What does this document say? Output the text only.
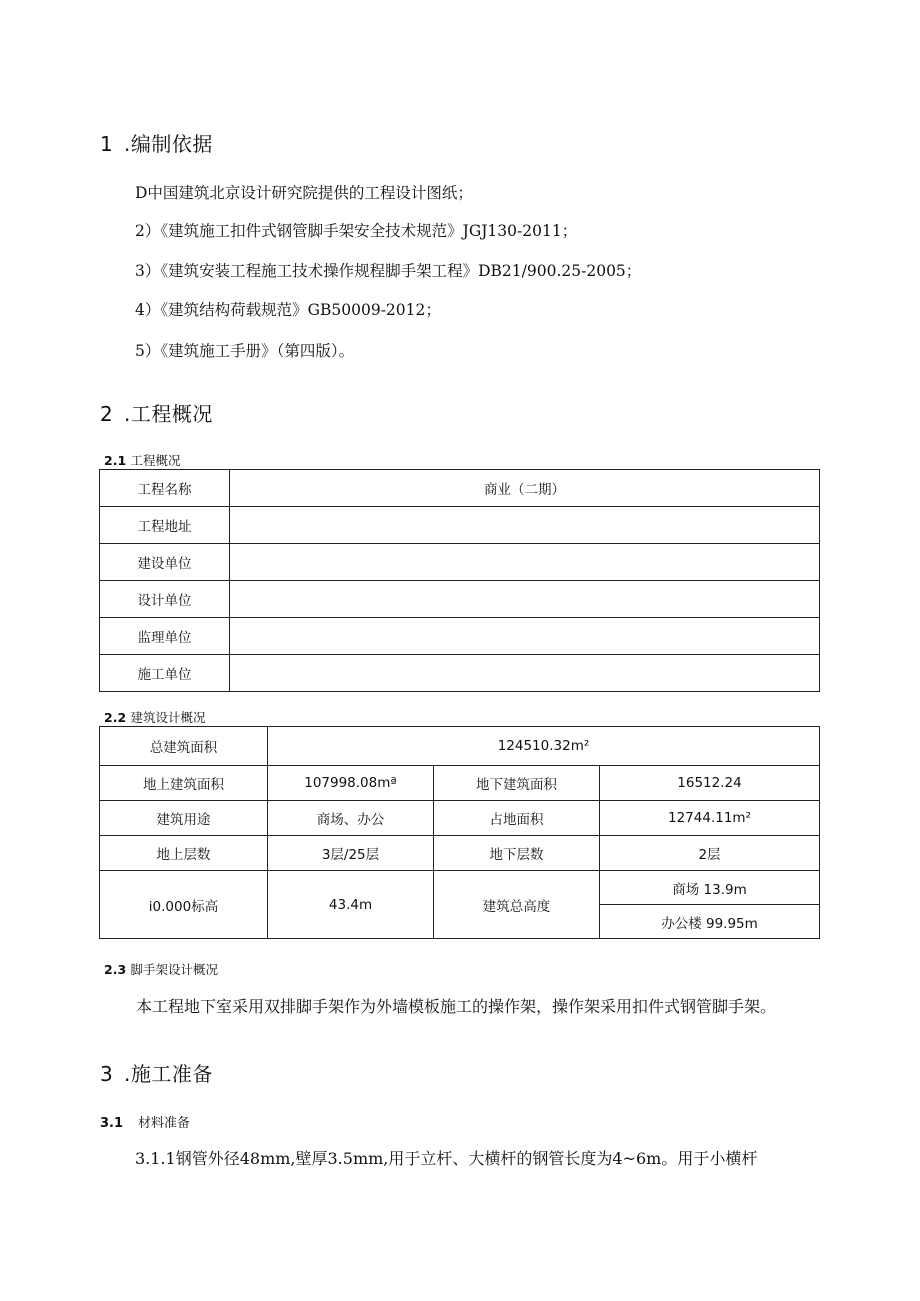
1 .编制依据
D中国建筑北京设计研究院提供的工程设计图纸；
2）《建筑施工扣件式钢管脚手架安全技术规范》JGJ130-2011；
3）《建筑安装工程施工技术操作规程脚手架工程》DB21/900.25-2005；
4）《建筑结构荷载规范》GB50009-2012；
5）《建筑施工手册》（第四版）。
2 .工程概况
2.1 工程概况
工程名称	商业（二期）
工程地址	
建设单位	
设计单位	
监理单位	
施工单位	
2.2 建筑设计概况
总建筑面积	124510.32m²		
地上建筑面积	107998.08mª	地下建筑面积	16512.24
建筑用途	商场、办公	占地面积	12744.11m²
地上层数	3层/25层	地下层数	2层
i0.000标高	43.4m	建筑总高度	商场 13.9m
			办公楼 99.95m
2.3 脚手架设计概况
本工程地下室采用双排脚手架作为外墙模板施工的操作架，操作架采用扣件式钢管脚手架。
3 .施工准备
3.1 材料准备
3.1.1钢管外径48mm,壁厚3.5mm,用于立杆、大横杆的钢管长度为4~6m。用于小横杆
